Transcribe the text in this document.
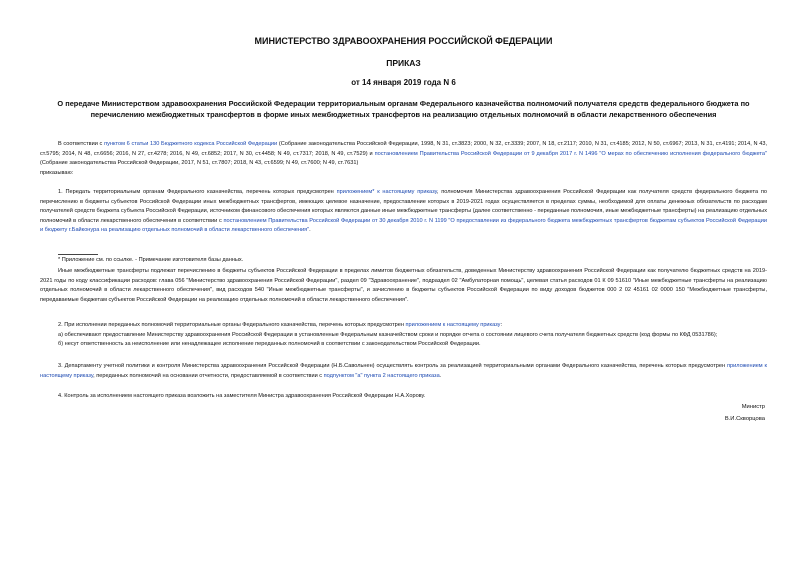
МИНИСТЕРСТВО ЗДРАВООХРАНЕНИЯ РОССИЙСКОЙ ФЕДЕРАЦИИ
ПРИКАЗ
от 14 января 2019 года N 6
О передаче Министерством здравоохранения Российской Федерации территориальным органам Федерального казначейства полномочий получателя средств федерального бюджета по перечислению межбюджетных трансфертов в форме иных межбюджетных трансфертов на реализацию отдельных полномочий в области лекарственного обеспечения

В соответствии с пунктом 6 статьи 130 Бюджетного кодекса Российской Федерации (Собрание законодательства Российской Федерации, 1998, N 31, ст.3823; 2000, N 32, ст.3339; 2007, N 18, ст.2117; 2010, N 31, ст.4185; 2012, N 50, ст.6967; 2013, N 31, ст.4191; 2014, N 43, ст.5795; 2014, N 48, ст.6656; 2016, N 27, ст.4278; 2016, N 49, ст.6852; 2017, N 30, ст.4458; N 49, ст.7317; 2018, N 49, ст.7529) и постановлением Правительства Российской Федерации от 9 декабря 2017 г. N 1496 "О мерах по обеспечению исполнения федерального бюджета" (Собрание законодательства Российской Федерации, 2017, N 51, ст.7807; 2018, N 43, ст.6599; N 49, ст.7600; N 49, ст.7631)

приказываю:

1. Передать территориальным органам Федерального казначейства, перечень которых предусмотрен приложением* к настоящему приказу, полномочия Министерства здравоохранения Российской Федерации как получателя средств федерального бюджета по перечислению в бюджеты субъектов Российской Федерации иных межбюджетных трансфертов, имеющих целевое назначение, предоставление которых в 2019-2021 годах осуществляется в пределах суммы, необходимой для оплаты денежных обязательств по расходам получателей средств бюджета субъекта Российской Федерации, источником финансового обеспечения которых являются данные иные межбюджетные трансферты (далее соответственно - переданные полномочия, иные межбюджетные трансферты) на реализацию отдельных полномочий в области лекарственного обеспечения в соответствии с постановлением Правительства Российской Федерации от 30 декабря 2010 г. N 1199 "О предоставлении из федерального бюджета межбюджетных трансфертов бюджетам субъектов Российской Федерации и бюджету г.Байконура на реализацию отдельных полномочий в области лекарственного обеспечения".

* Приложение см. по ссылке. - Примечание изготовителя базы данных.

Иные межбюджетные трансферты подлежат перечислению в бюджеты субъектов Российской Федерации в пределах лимитов бюджетных обязательств, доведенных Министерству здравоохранения Российской Федерации как получателю бюджетных средств на 2019-2021 годы по коду классификации расходов: глава 056 "Министерство здравоохранения Российской Федерации", раздел 09 "Здравоохранение", подраздел 02 "Амбулаторная помощь", целевая статья расходов 01 К 09 51610 "Иные межбюджетные трансферты на реализацию отдельных полномочий в области лекарственного обеспечения", вид расходов 540 "Иные межбюджетные трансферты", и зачислению в бюджеты субъектов Российской Федерации по виду доходов бюджетов 000 2 02 45161 02 0000 150 "Межбюджетные трансферты, передаваемые бюджетам субъектов Российской Федерации на реализацию отдельных полномочий в области лекарственного обеспечения".

2. При исполнении переданных полномочий территориальные органы Федерального казначейства, перечень которых предусмотрен приложением к настоящему приказу:

а) обеспечивают предоставление Министерству здравоохранения Российской Федерации в установленные Федеральным казначейством сроки и порядке отчета о состоянии лицевого счета получателя бюджетных средств (код формы по КФД 0531786);

б) несут ответственность за неисполнение или ненадлежащее исполнение переданных полномочий в соответствии с законодательством Российской Федерации.

3. Департаменту учетной политики и контроля Министерства здравоохранения Российской Федерации (Н.Б.Савольнен) осуществлять контроль за реализацией территориальными органами Федерального казначейства, перечень которых предусмотрен приложением к настоящему приказу, переданных полномочий на основании отчетности, предоставляемой в соответствии с подпунктом "а" пункта 2 настоящего приказа.

4. Контроль за исполнением настоящего приказа возложить на заместителя Министра здравоохранения Российской Федерации Н.А.Хорову.

Министр
В.И.Скворцова
